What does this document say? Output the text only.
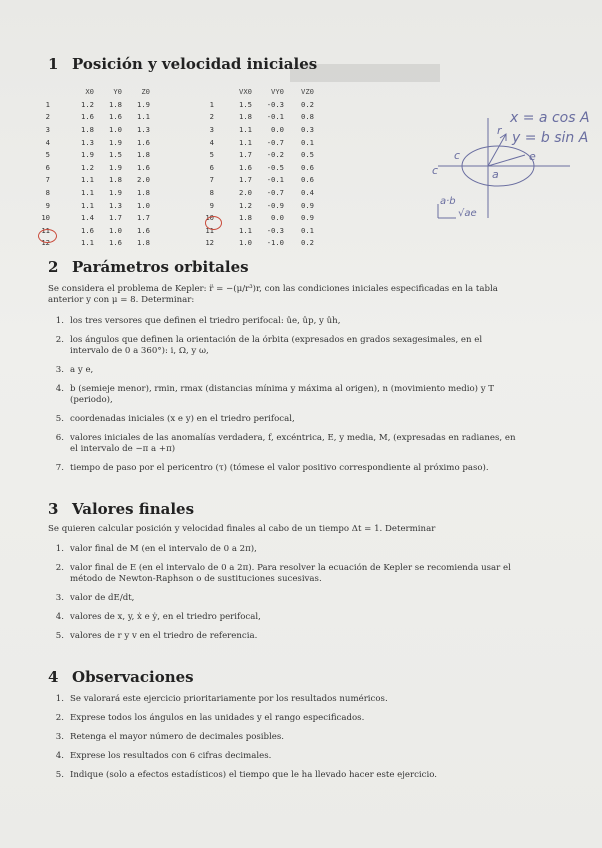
1 Posición y velocidad iniciales
X0	Y0	Z0
1	1.2	1.8	1.9
2	1.6	1.6	1.1
3	1.8	1.0	1.3
4	1.3	1.9	1.6
5	1.9	1.5	1.8
6	1.2	1.9	1.6
7	1.1	1.8	2.0
8	1.1	1.9	1.8
9	1.1	1.3	1.0
10	1.4	1.7	1.7
11	1.6	1.0	1.6
12	1.1	1.6	1.8
VX0	VY0	VZ0
1	1.5	-0.3	0.2
2	1.8	-0.1	0.8
3	1.1	0.0	0.3
4	1.1	-0.7	0.1
5	1.7	-0.2	0.5
6	1.6	-0.5	0.6
7	1.7	-0.1	0.6
8	2.0	-0.7	0.4
9	1.2	-0.9	0.9
10	1.8	0.0	0.9
11	1.1	-0.3	0.1
12	1.0	-1.0	0.2
x = a cos A
y = b sin A
r
e
c
c	a
a·b
√ae
2 Parámetros orbitales
Se considera el problema de Kepler: r̈ = −(μ/r³)r, con las condiciones iniciales especificadas en la tabla anterior y con μ = 8. Determinar:
1. los tres versores que definen el triedro perifocal: ûe, ûp, y ûh,
2. los ángulos que definen la orientación de la órbita (expresados en grados sexagesimales, en el intervalo de 0 a 360°): i, Ω, y ω,
3. a y e,
4. b (semieje menor), rmin, rmax (distancias mínima y máxima al origen), n (movimiento medio) y T (periodo),
5. coordenadas iniciales (x e y) en el triedro perifocal,
6. valores iniciales de las anomalías verdadera, f, excéntrica, E, y media, M, (expresadas en radianes, en el intervalo de −π a +π)
7. tiempo de paso por el pericentro (τ) (tómese el valor positivo correspondiente al próximo paso).
3 Valores finales
Se quieren calcular posición y velocidad finales al cabo de un tiempo Δt = 1. Determinar
1. valor final de M (en el intervalo de 0 a 2π),
2. valor final de E (en el intervalo de 0 a 2π). Para resolver la ecuación de Kepler se recomienda usar el método de Newton-Raphson o de sustituciones sucesivas.
3. valor de dE/dt,
4. valores de x, y, ẋ e ẏ, en el triedro perifocal,
5. valores de r y v en el triedro de referencia.
4 Observaciones
1. Se valorará este ejercicio prioritariamente por los resultados numéricos.
2. Exprese todos los ángulos en las unidades y el rango especificados.
3. Retenga el mayor número de decimales posibles.
4. Exprese los resultados con 6 cifras decimales.
5. Indique (solo a efectos estadísticos) el tiempo que le ha llevado hacer este ejercicio.
